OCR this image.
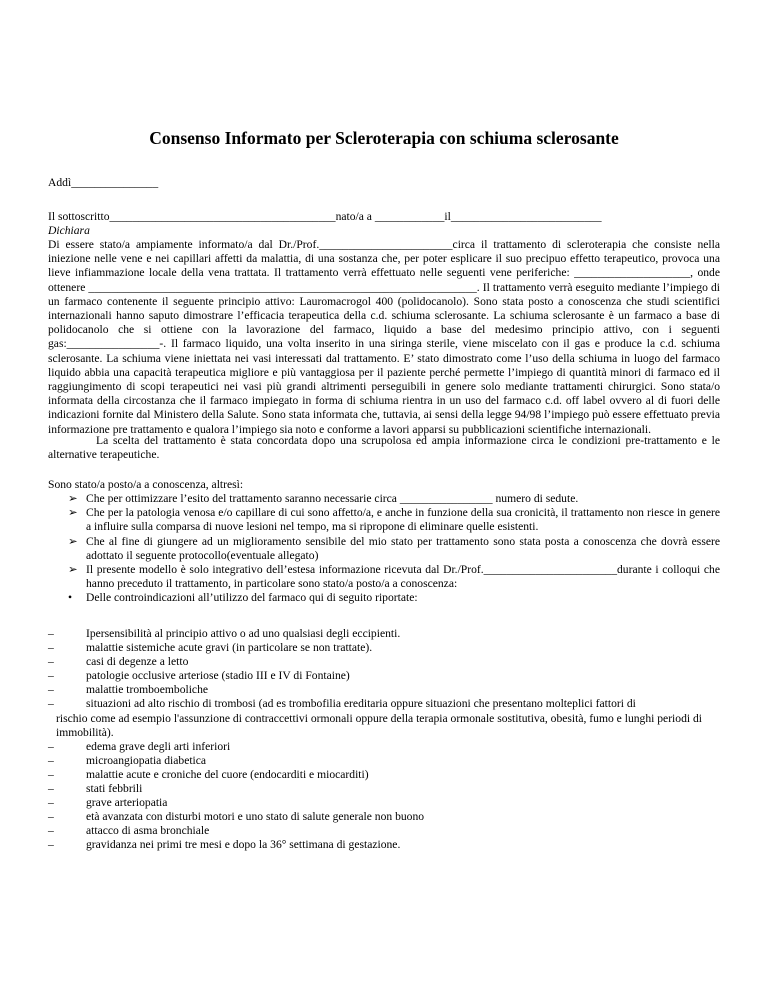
Consenso Informato per Scleroterapia con schiuma sclerosante
Addì_______________
Il sottoscritto_______________________________________nato/a a ____________il__________________________
Dichiara
Di essere stato/a ampiamente informato/a dal Dr./Prof._______________________circa il trattamento di scleroterapia che consiste nella iniezione nelle vene e nei capillari affetti da malattia, di una sostanza che, per poter esplicare il suo precipuo effetto terapeutico, provoca una lieve infiammazione locale della vena trattata. Il trattamento verrà effettuato nelle seguenti vene periferiche: ____________________, onde ottenere ___________________________________________________________________. Il trattamento verrà eseguito mediante l’impiego di un farmaco contenente il seguente principio attivo: Lauromacrogol 400 (polidocanolo). Sono stata posto a conoscenza che studi scientifici internazionali hanno saputo dimostrare l’efficacia terapeutica della c.d. schiuma sclerosante. La schiuma sclerosante è un farmaco a base di polidocanolo che si ottiene con la lavorazione del farmaco, liquido a base del medesimo principio attivo, con i seguenti gas:________________-. Il farmaco liquido, una volta inserito in una siringa sterile, viene miscelato con il gas e produce la c.d. schiuma sclerosante. La schiuma viene iniettata nei vasi interessati dal trattamento. E’ stato dimostrato come l’uso della schiuma in luogo del farmaco liquido abbia una capacità terapeutica migliore e più vantaggiosa per il paziente perché permette l’impiego di quantità minori di farmaco ed il raggiungimento di scopi terapeutici nei vasi più grandi altrimenti perseguibili in genere solo mediante trattamenti chirurgici. Sono stata/o informata della circostanza che il farmaco impiegato in forma di schiuma rientra in un uso del farmaco c.d. off label ovvero al di fuori delle indicazioni fornite dal Ministero della Salute. Sono stata informata che, tuttavia, ai sensi della legge 94/98 l’impiego può essere effettuato previa informazione pre trattamento e qualora l’impiego sia noto e conforme a lavori apparsi su pubblicazioni scientifiche internazionali.
La scelta del trattamento è stata concordata dopo una scrupolosa ed ampia informazione circa le condizioni pre-trattamento e le alternative terapeutiche.
Sono stato/a posto/a a conoscenza, altresì:
➢ Che per ottimizzare l’esito del trattamento saranno necessarie circa ________________ numero di sedute.
➢ Che per la patologia venosa e/o capillare di cui sono affetto/a, e anche in funzione della sua cronicità, il trattamento non riesce in genere a influire sulla comparsa di nuove lesioni nel tempo, ma si ripropone di eliminare quelle esistenti.
➢ Che al fine di giungere ad un miglioramento sensibile del mio stato per trattamento sono stata posta a conoscenza che dovrà essere adottato il seguente protocollo(eventuale allegato)
➢ Il presente modello è solo integrativo dell’estesa informazione ricevuta dal Dr./Prof._______________________durante i colloqui che hanno preceduto il trattamento, in particolare sono stato/a posto/a a conoscenza:
•	Delle controindicazioni all’utilizzo del farmaco qui di seguito riportate:
–	Ipersensibilità al principio attivo o ad uno qualsiasi degli eccipienti.
–	malattie sistemiche acute gravi (in particolare se non trattate).
–	casi di degenze a letto
–	patologie occlusive arteriose (stadio III e IV di Fontaine)
–	malattie tromboemboliche
–	situazioni ad alto rischio di trombosi (ad es trombofilia ereditaria oppure situazioni che presentano molteplici fattori di
rischio come ad esempio l'assunzione di contraccettivi ormonali oppure della terapia ormonale sostitutiva, obesità, fumo e lunghi periodi di immobilità).
–	edema grave degli arti inferiori
–	microangiopatia diabetica
–	malattie acute e croniche del cuore (endocarditi e miocarditi)
–	stati febbrili
–	grave arteriopatia
–	età avanzata con disturbi motori e uno stato di salute generale non buono
–	attacco di asma bronchiale
–	gravidanza nei primi tre mesi e dopo la 36° settimana di gestazione.
